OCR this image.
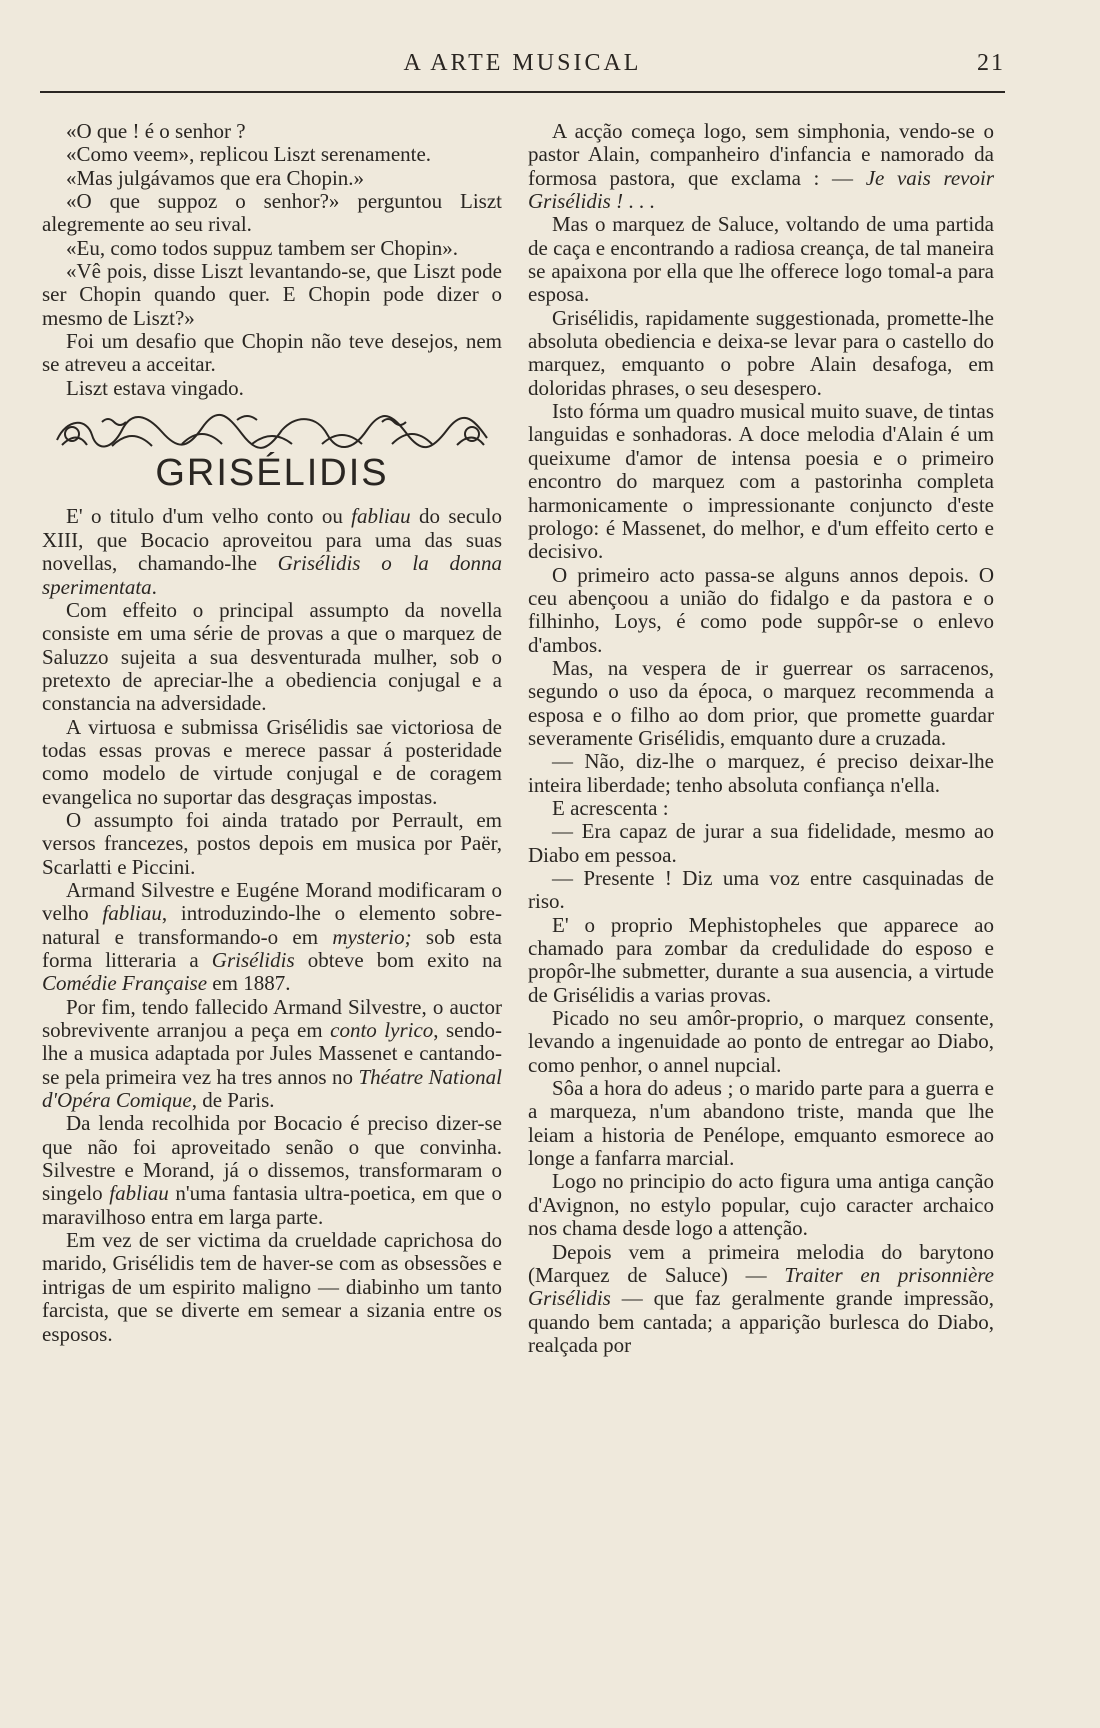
A ARTE MUSICAL	21

«O que ! é o senhor ?

«Como veem», replicou Liszt serenamente.

«Mas julgávamos que era Chopin.»

«O que suppoz o senhor?» perguntou Liszt alegremente ao seu rival.

«Eu, como todos suppuz tambem ser Chopin».

«Vê pois, disse Liszt levantando-se, que Liszt pode ser Chopin quando quer. E Chopin pode dizer o mesmo de Liszt?»

Foi um desafio que Chopin não teve desejos, nem se atreveu a acceitar.

Liszt estava vingado.

GRISÉLIDIS

E' o titulo d'um velho conto ou fabliau do seculo XIII, que Bocacio aproveitou para uma das suas novellas, chamando-lhe Grisélidis o la donna sperimentata.

Com effeito o principal assumpto da novella consiste em uma série de provas a que o marquez de Saluzzo sujeita a sua desventurada mulher, sob o pretexto de apreciar-lhe a obediencia conjugal e a constancia na adversidade.

A virtuosa e submissa Grisélidis sae victoriosa de todas essas provas e merece passar á posteridade como modelo de virtude conjugal e de coragem evangelica no suportar das desgraças impostas.

O assumpto foi ainda tratado por Perrault, em versos francezes, postos depois em musica por Paër, Scarlatti e Piccini.

Armand Silvestre e Eugéne Morand modificaram o velho fabliau, introduzindo-lhe o elemento sobre-natural e transformando-o em mysterio; sob esta forma litteraria a Grisélidis obteve bom exito na Comédie Française em 1887.

Por fim, tendo fallecido Armand Silvestre, o auctor sobrevivente arranjou a peça em conto lyrico, sendo-lhe a musica adaptada por Jules Massenet e cantando-se pela primeira vez ha tres annos no Théatre National d'Opéra Comique, de Paris.

Da lenda recolhida por Bocacio é preciso dizer-se que não foi aproveitado senão o que convinha. Silvestre e Morand, já o dissemos, transformaram o singelo fabliau n'uma fantasia ultra-poetica, em que o maravilhoso entra em larga parte.

Em vez de ser victima da crueldade caprichosa do marido, Grisélidis tem de haver-se com as obsessões e intrigas de um espirito maligno — diabinho um tanto farcista, que se diverte em semear a sizania entre os esposos.

A acção começa logo, sem simphonia, vendo-se o pastor Alain, companheiro d'infancia e namorado da formosa pastora, que exclama : — Je vais revoir Grisélidis ! . . .

Mas o marquez de Saluce, voltando de uma partida de caça e encontrando a radiosa creança, de tal maneira se apaixona por ella que lhe offerece logo tomal-a para esposa.

Grisélidis, rapidamente suggestionada, promette-lhe absoluta obediencia e deixa-se levar para o castello do marquez, emquanto o pobre Alain desafoga, em doloridas phrases, o seu desespero.

Isto fórma um quadro musical muito suave, de tintas languidas e sonhadoras. A doce melodia d'Alain é um queixume d'amor de intensa poesia e o primeiro encontro do marquez com a pastorinha completa harmonicamente o impressionante conjuncto d'este prologo: é Massenet, do melhor, e d'um effeito certo e decisivo.

O primeiro acto passa-se alguns annos depois. O ceu abençoou a união do fidalgo e da pastora e o filhinho, Loys, é como pode suppôr-se o enlevo d'ambos.

Mas, na vespera de ir guerrear os sarracenos, segundo o uso da época, o marquez recommenda a esposa e o filho ao dom prior, que promette guardar severamente Grisélidis, emquanto dure a cruzada.

— Não, diz-lhe o marquez, é preciso deixar-lhe inteira liberdade; tenho absoluta confiança n'ella.

E acrescenta :

— Era capaz de jurar a sua fidelidade, mesmo ao Diabo em pessoa.

— Presente ! Diz uma voz entre casquinadas de riso.

E' o proprio Mephistopheles que apparece ao chamado para zombar da credulidade do esposo e propôr-lhe submetter, durante a sua ausencia, a virtude de Grisélidis a varias provas.

Picado no seu amôr-proprio, o marquez consente, levando a ingenuidade ao ponto de entregar ao Diabo, como penhor, o annel nupcial.

Sôa a hora do adeus ; o marido parte para a guerra e a marqueza, n'um abandono triste, manda que lhe leiam a historia de Penélope, emquanto esmorece ao longe a fanfarra marcial.

Logo no principio do acto figura uma antiga canção d'Avignon, no estylo popular, cujo caracter archaico nos chama desde logo a attenção.

Depois vem a primeira melodia do barytono (Marquez de Saluce) — Traiter en prisonnière Grisélidis — que faz geralmente grande impressão, quando bem cantada; a apparição burlesca do Diabo, realçada por
